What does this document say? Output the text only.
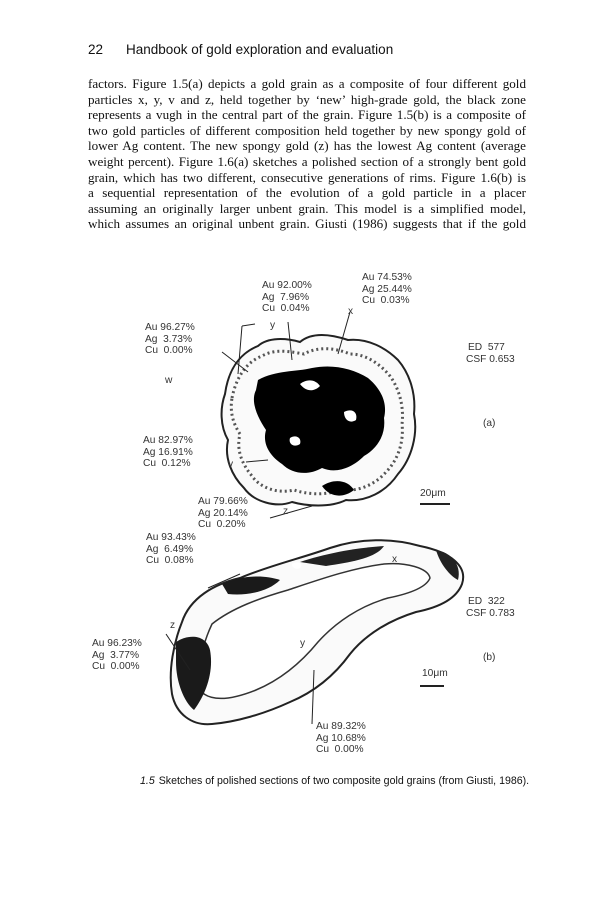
22 Handbook of gold exploration and evaluation
factors. Figure 1.5(a) depicts a gold grain as a composite of four different gold
particles x, y, v and z, held together by ‘new’ high-grade gold, the black zone
represents a vugh in the central part of the grain. Figure 1.5(b) is a composite of
two gold particles of different composition held together by new spongy gold of
lower Ag content. The new spongy gold (z) has the lowest Ag content (average
weight percent). Figure 1.6(a) sketches a polished section of a strongly bent gold
grain, which has two different, consecutive generations of rims. Figure 1.6(b) is
a sequential representation of the evolution of a gold particle in a placer
assuming an originally larger unbent grain. This model is a simplified model,
which assumes an original unbent grain. Giusti (1986) suggests that if the gold
Au 92.00%
Ag  7.96%
Cu  0.04%
Au 74.53%
Ag 25.44%
Cu  0.03%
Au 96.27%
Ag  3.73%
Cu  0.00%
Au 82.97%
Ag 16.91%
Cu  0.12%
Au 79.66%
Ag 20.14%
Cu  0.20%
y
x
w
v
z
ED  577
CSF 0.653
(a)
20μm
Au 93.43%
Ag  6.49%
Cu  0.08%
Au 96.23%
Ag  3.77%
Cu  0.00%
Au 89.32%
Ag 10.68%
Cu  0.00%
x
y
z
ED  322
CSF 0.783
(b)
10μm
1.5 Sketches of polished sections of two composite gold grains (from Giusti, 1986).
